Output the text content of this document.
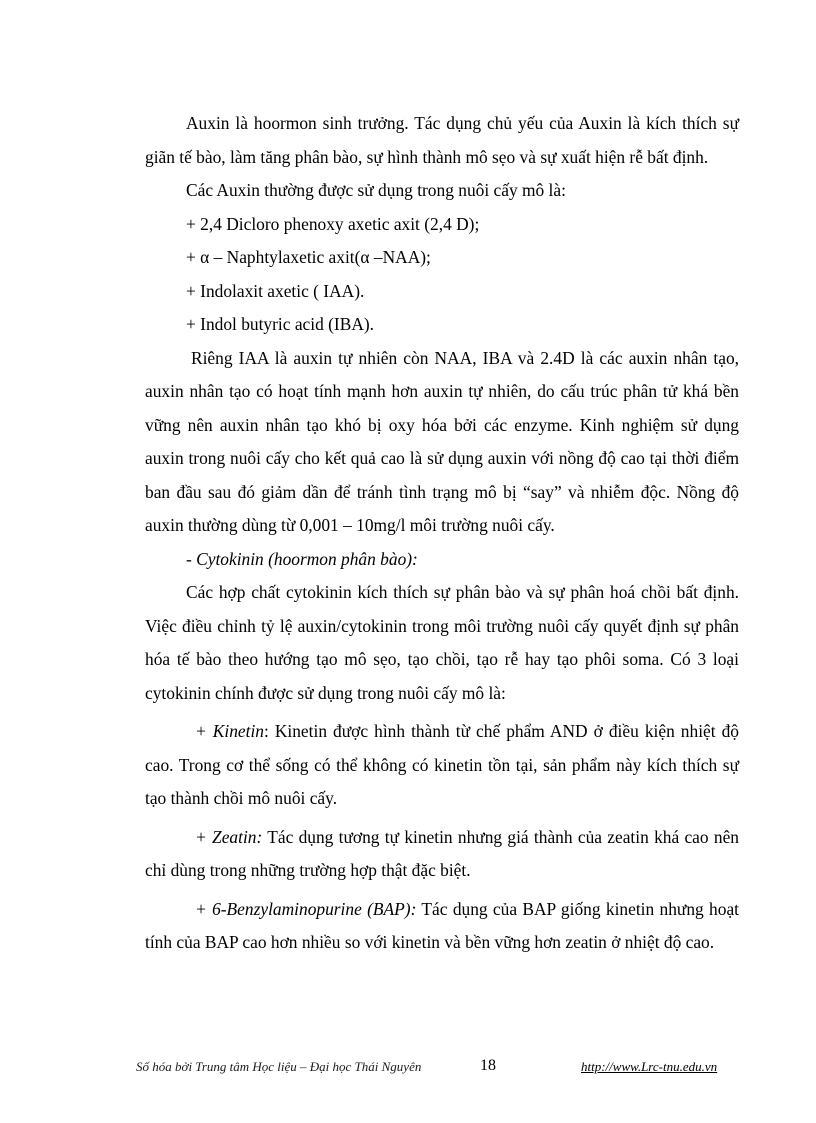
Auxin là hoormon sinh trưởng. Tác dụng chủ yếu của Auxin là kích thích sự giãn tế bào, làm tăng phân bào, sự hình thành mô sẹo và sự xuất hiện rễ bất định.

Các Auxin thường được sử dụng trong nuôi cấy mô là:

+ 2,4 Dicloro phenoxy axetic axit (2,4 D);

+ α – Naphtylaxetic axit(α –NAA);

+ Indolaxit axetic ( IAA).

+ Indol butyric acid (IBA).

Riêng IAA là auxin tự nhiên còn NAA, IBA và 2.4D là các auxin nhân tạo, auxin nhân tạo có hoạt tính mạnh hơn auxin tự nhiên, do cấu trúc phân tử khá bền vững nên auxin nhân tạo khó bị oxy hóa bởi các enzyme. Kinh nghiệm sử dụng auxin trong nuôi cấy cho kết quả cao là sử dụng auxin với nồng độ cao tại thời điểm ban đầu sau đó giảm dần để tránh tình trạng mô bị “say” và nhiễm độc. Nồng độ auxin thường dùng từ 0,001 – 10mg/l môi trường nuôi cấy.

- Cytokinin (hoormon phân bào):

Các hợp chất cytokinin kích thích sự phân bào và sự phân hoá chồi bất định. Việc điều chỉnh tỷ lệ auxin/cytokinin trong môi trường nuôi cấy quyết định sự phân hóa tế bào theo hướng tạo mô sẹo, tạo chồi, tạo rễ hay tạo phôi soma. Có 3 loại cytokinin chính được sử dụng trong nuôi cấy mô là:

+ Kinetin: Kinetin được hình thành từ chế phẩm AND ở điều kiện nhiệt độ cao. Trong cơ thể sống có thể không có kinetin tồn tại, sản phẩm này kích thích sự tạo thành chồi mô nuôi cấy.

+ Zeatin: Tác dụng tương tự kinetin nhưng giá thành của zeatin khá cao nên chỉ dùng trong những trường hợp thật đặc biệt.

+ 6-Benzylaminopurine (BAP): Tác dụng của BAP giống kinetin nhưng hoạt tính của BAP cao hơn nhiều so với kinetin và bền vững hơn zeatin ở nhiệt độ cao.

Số hóa bởi Trung tâm Học liệu – Đại học Thái Nguyên	18	http://www.Lrc-tnu.edu.vn
